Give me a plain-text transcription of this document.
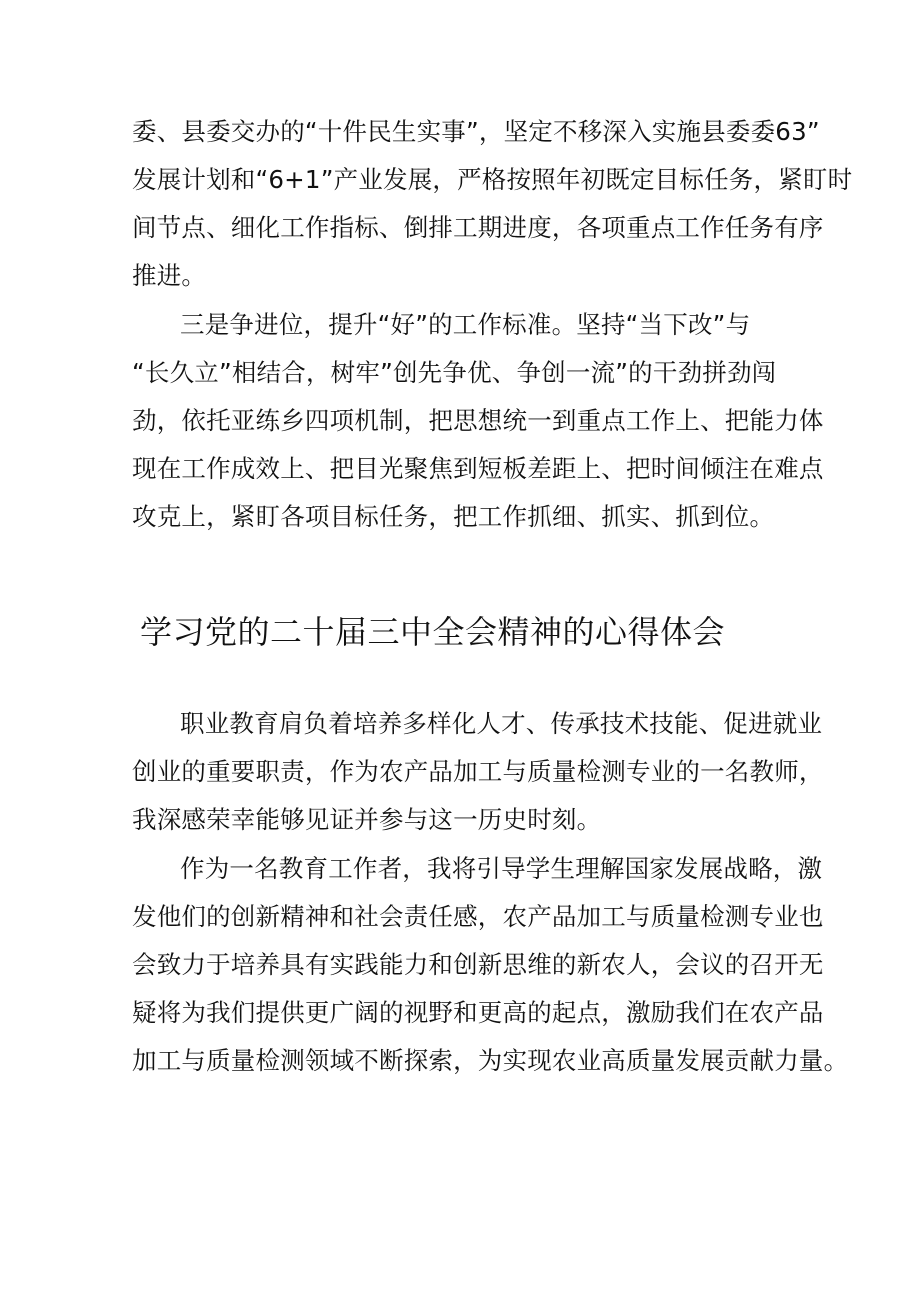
委、县委交办的“十件民生实事”，坚定不移深入实施县委委63”
发展计划和“6+1”产业发展，严格按照年初既定目标任务，紧盯时
间节点、细化工作指标、倒排工期进度，各项重点工作任务有序
推进。
三是争进位，提升“好”的工作标准。坚持“当下改”与
“长久立”相结合，树牢”创先争优、争创一流”的干劲拼劲闯
劲，依托亚练乡四项机制，把思想统一到重点工作上、把能力体
现在工作成效上、把目光聚焦到短板差距上、把时间倾注在难点
攻克上，紧盯各项目标任务，把工作抓细、抓实、抓到位。
学习党的二十届三中全会精神的心得体会
职业教育肩负着培养多样化人才、传承技术技能、促进就业
创业的重要职责，作为农产品加工与质量检测专业的一名教师，
我深感荣幸能够见证并参与这一历史时刻。
作为一名教育工作者，我将引导学生理解国家发展战略，激
发他们的创新精神和社会责任感，农产品加工与质量检测专业也
会致力于培养具有实践能力和创新思维的新农人，会议的召开无
疑将为我们提供更广阔的视野和更高的起点，激励我们在农产品
加工与质量检测领域不断探索，为实现农业高质量发展贡献力量。
